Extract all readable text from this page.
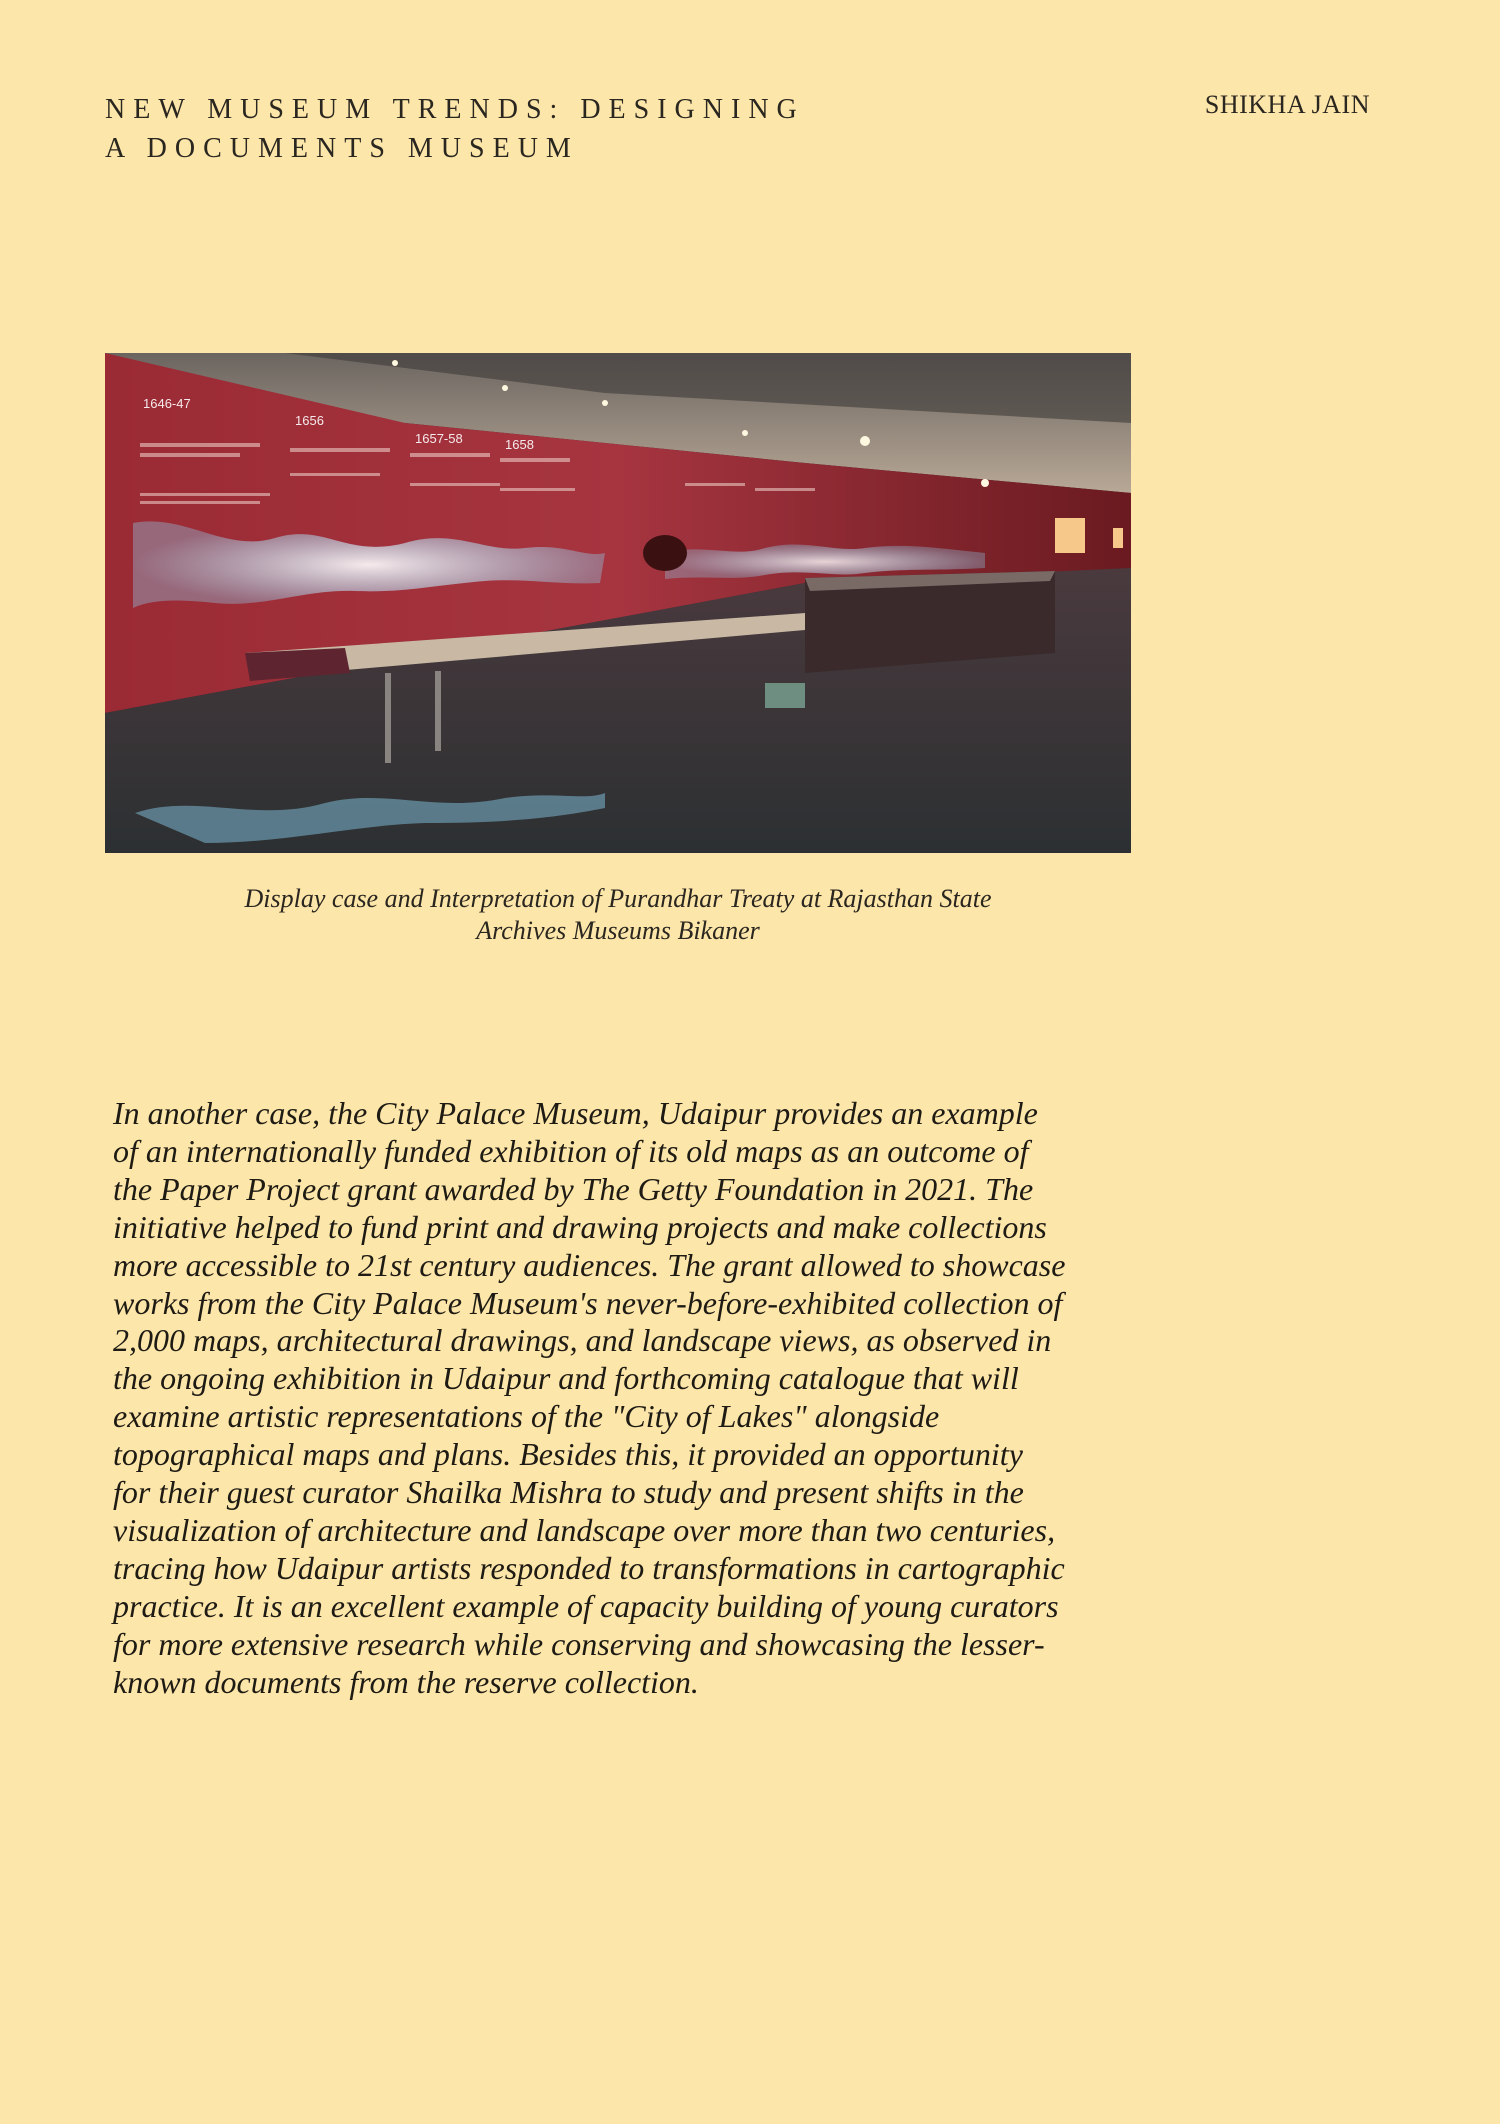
NEW MUSEUM TRENDS: DESIGNING
A DOCUMENTS MUSEUM
SHIKHA JAIN
1646-47
1656
1657-58	1658
Display case and Interpretation of Purandhar Treaty at Rajasthan State
Archives Museums Bikaner
In another case, the City Palace Museum, Udaipur provides an example
of an internationally funded exhibition of its old maps as an outcome of
the Paper Project grant awarded by The Getty Foundation in 2021. The
initiative helped to fund print and drawing projects and make collections
more accessible to 21st century audiences. The grant allowed to showcase
works from the City Palace Museum's never-before-exhibited collection of
2,000 maps, architectural drawings, and landscape views, as observed in
the ongoing exhibition in Udaipur and forthcoming catalogue that will
examine artistic representations of the "City of Lakes" alongside
topographical maps and plans. Besides this, it provided an opportunity
for their guest curator Shailka Mishra to study and present shifts in the
visualization of architecture and landscape over more than two centuries,
tracing how Udaipur artists responded to transformations in cartographic
practice. It is an excellent example of capacity building of young curators
for more extensive research while conserving and showcasing the lesser-
known documents from the reserve collection.
